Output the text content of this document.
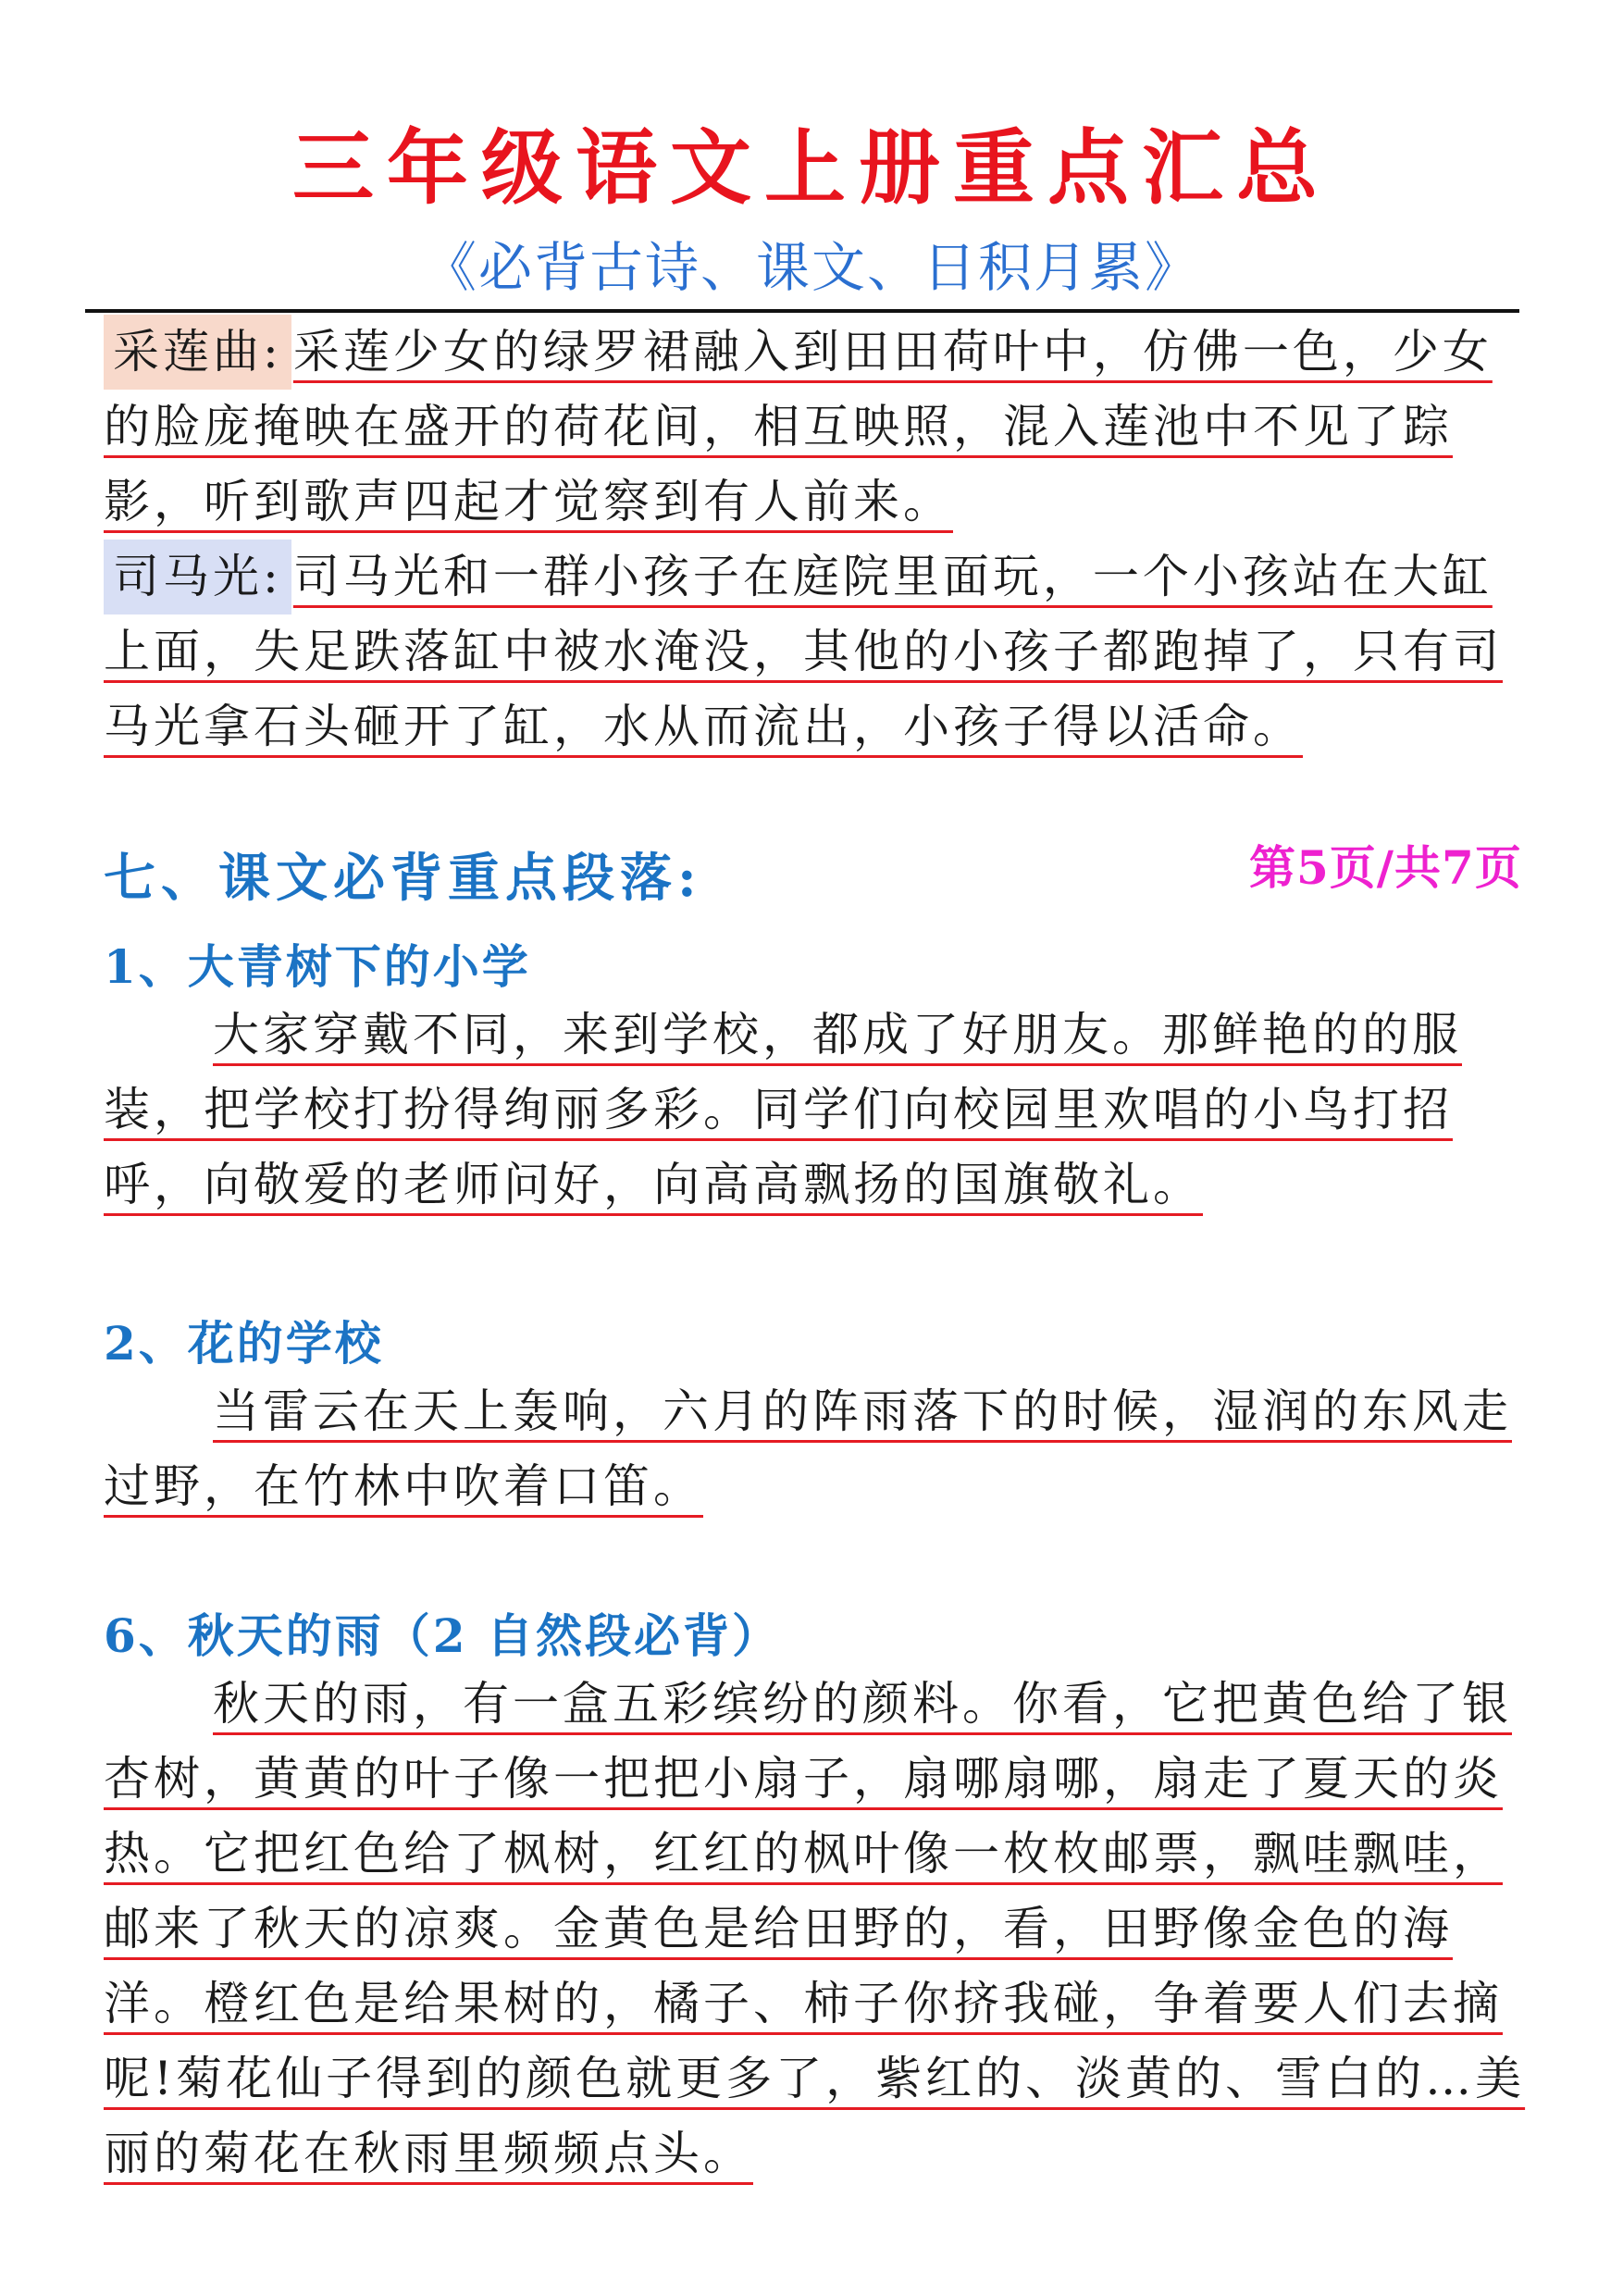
三年级语文上册重点汇总
《必背古诗、课文、日积月累》
采莲曲: 采莲少女的绿罗裙融入到田田荷叶中，仿佛一色，少女的脸庞掩映在盛开的荷花间，相互映照，混入莲池中不见了踪影，听到歌声四起才觉察到有人前来。
司马光: 司马光和一群小孩子在庭院里面玩，一个小孩站在大缸上面，失足跌落缸中被水淹没，其他的小孩子都跑掉了，只有司马光拿石头砸开了缸，水从而流出，小孩子得以活命。
七、课文必背重点段落:	第5页/共7页
1、大青树下的小学
大家穿戴不同，来到学校，都成了好朋友。那鲜艳的的服装，把学校打扮得绚丽多彩。同学们向校园里欢唱的小鸟打招呼，向敬爱的老师问好，向高高飘扬的国旗敬礼。
2、花的学校
当雷云在天上轰响，六月的阵雨落下的时候，湿润的东风走过野，在竹林中吹着口笛。
6、秋天的雨（2 自然段必背）
秋天的雨，有一盒五彩缤纷的颜料。你看，它把黄色给了银杏树，黄黄的叶子像一把把小扇子，扇哪扇哪，扇走了夏天的炎热。它把红色给了枫树，红红的枫叶像一枚枚邮票，飘哇飘哇，邮来了秋天的凉爽。金黄色是给田野的，看，田野像金色的海洋。橙红色是给果树的，橘子、柿子你挤我碰，争着要人们去摘呢!菊花仙子得到的颜色就更多了，紫红的、淡黄的、雪白的…美丽的菊花在秋雨里频频点头。
